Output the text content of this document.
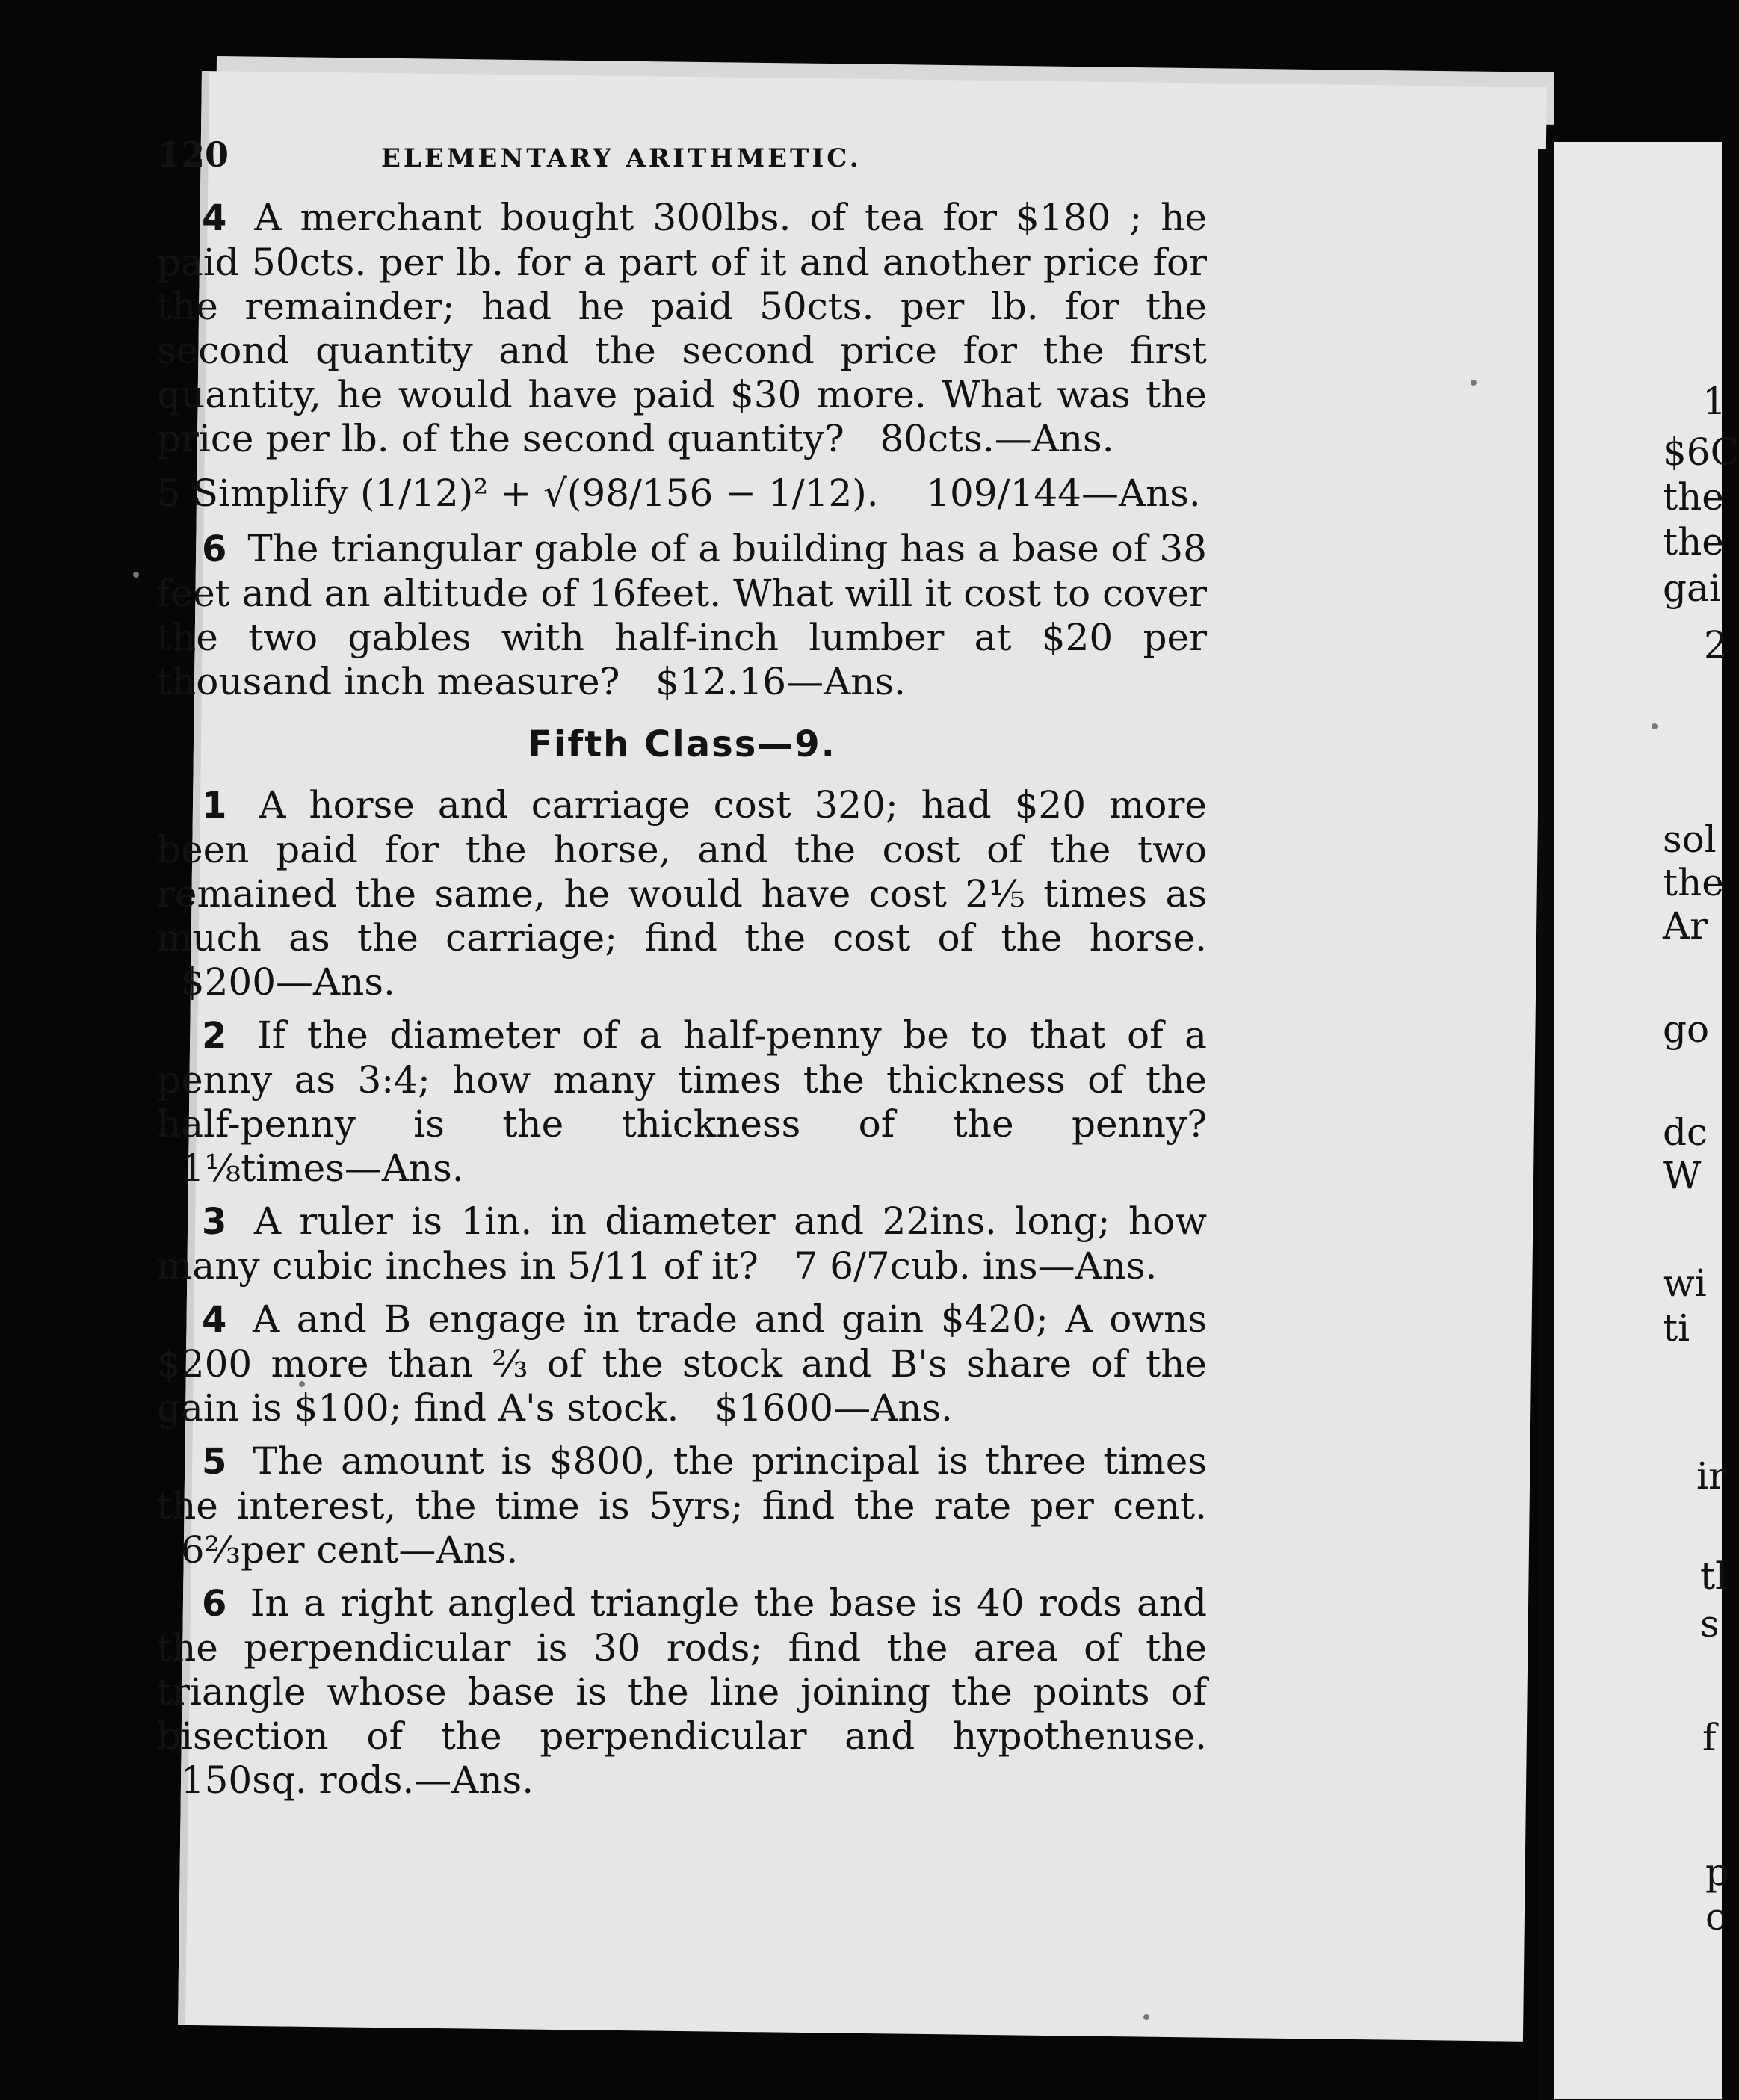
1
$6C
the
the
gai
2
sol
the
Ar
go
dc
W
wi
ti
ir
tl
s
f
p
c
120	ELEMENTARY ARITHMETIC.

4 A merchant bought 300lbs. of tea for $180 ; he paid 50cts. per lb. for a part of it and another price for the remainder; had he paid 50cts. per lb. for the second quantity and the second price for the first quantity, he would have paid $30 more. What was the price per lb. of the second quantity? 80cts.—Ans.

5 Simplify (1/12)² + √(98/156 − 1/12). 109/144—Ans.

6 The triangular gable of a building has a base of 38 feet and an altitude of 16feet. What will it cost to cover the two gables with half-inch lumber at $20 per thousand inch measure? $12.16—Ans.

Fifth Class—9.

1 A horse and carriage cost 320; had $20 more been paid for the horse, and the cost of the two remained the same, he would have cost 2⅕ times as much as the carriage; find the cost of the horse.   $200—Ans.

2 If the diameter of a half-penny be to that of a penny as 3:4; how many times the thickness of the half-penny is the thickness of the penny?   1⅛times—Ans.

3 A ruler is 1in. in diameter and 22ins. long; how many cubic inches in 5/11 of it? 7 6/7cub. ins—Ans.

4 A and B engage in trade and gain $420; A owns $200 more than ⅔ of the stock and B's share of the gain is $100; find A's stock. $1600—Ans.

5 The amount is $800, the principal is three times the interest, the time is 5yrs; find the rate per cent.   6⅔per cent—Ans.

6 In a right angled triangle the base is 40 rods and the perpendicular is 30 rods; find the area of the triangle whose base is the line joining the points of bisection of the perpendicular and hypothenuse.   150sq. rods.—Ans.
